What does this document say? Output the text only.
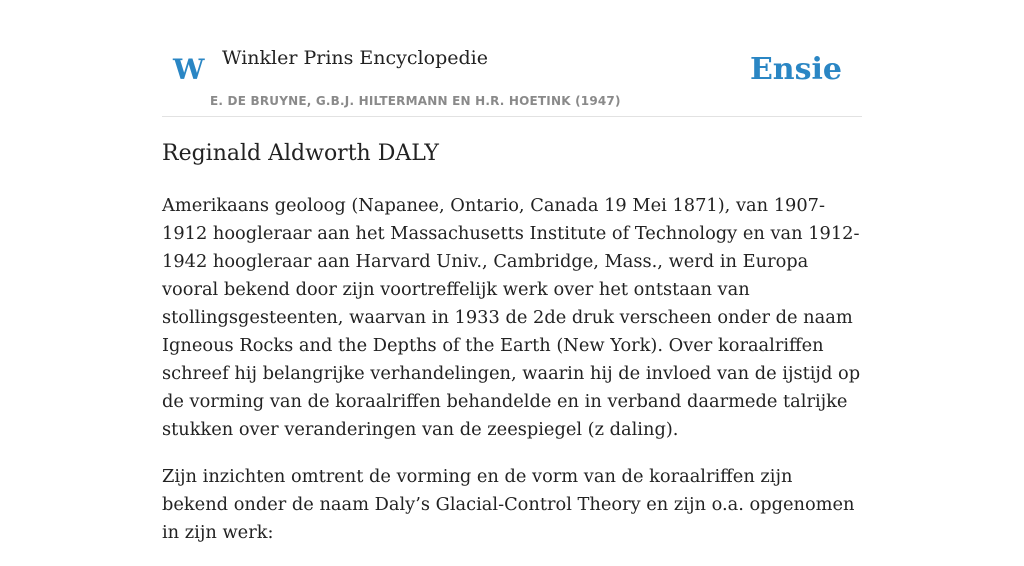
W Winkler Prins Encyclopedie
E. DE BRUYNE, G.B.J. HILTERMANN EN H.R. HOETINK (1947)
Ensie
Reginald Aldworth DALY

Amerikaans geoloog (Napanee, Ontario, Canada 19 Mei 1871), van 1907-1912 hoogleraar aan het Massachusetts Institute of Technology en van 1912-1942 hoogleraar aan Harvard Univ., Cambridge, Mass., werd in Europa vooral bekend door zijn voortreffelijk werk over het ontstaan van stollingsgesteenten, waarvan in 1933 de 2de druk verscheen onder de naam Igneous Rocks and the Depths of the Earth (New York). Over koraalriffen schreef hij belangrijke verhandelingen, waarin hij de invloed van de ijstijd op de vorming van de koraalriffen behandelde en in verband daarmede talrijke stukken over veranderingen van de zeespiegel (z daling).

Zijn inzichten omtrent de vorming en de vorm van de koraalriffen zijn bekend onder de naam Daly’s Glacial-Control Theory en zijn o.a. opgenomen in zijn werk:
